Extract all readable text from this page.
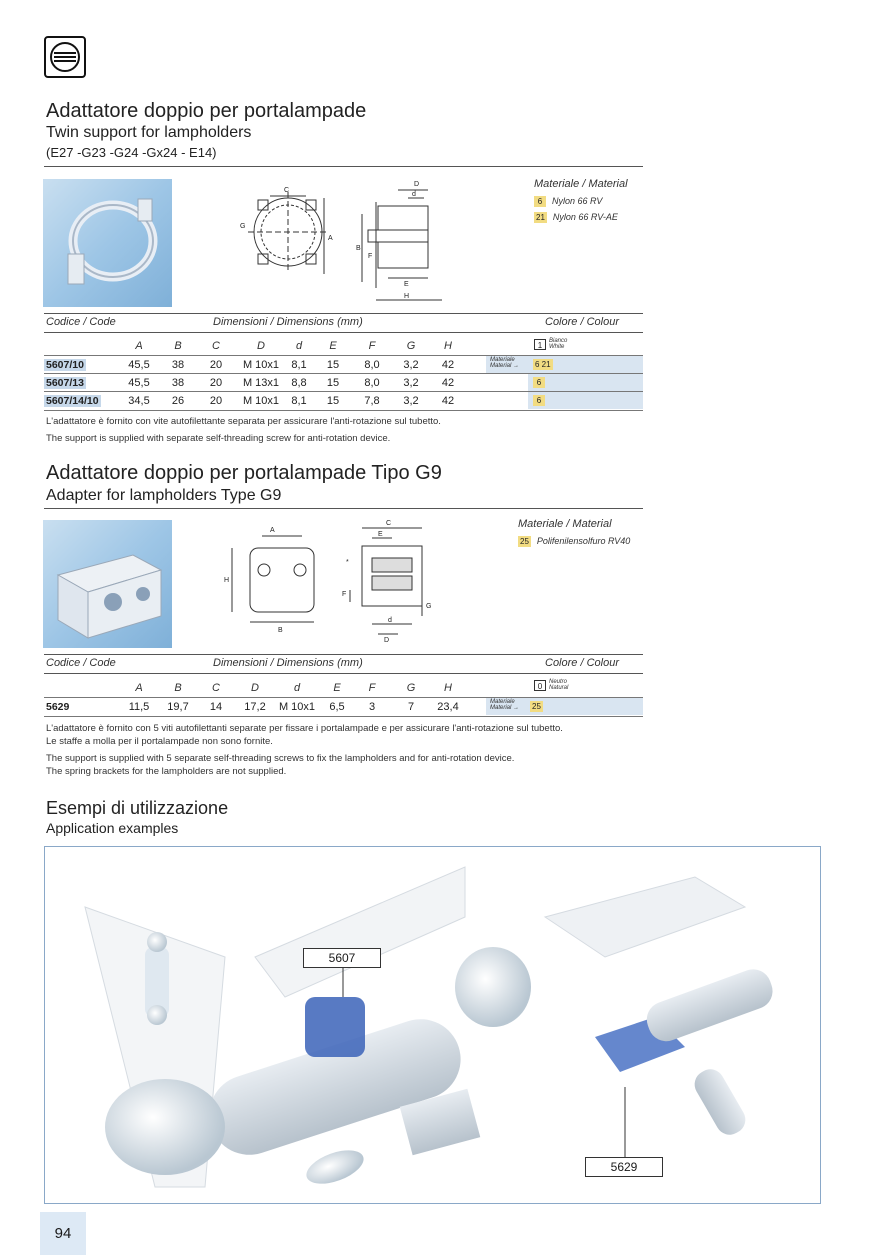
Adattatore doppio per portalampade
Twin support for lampholders
(E27 -G23 -G24 -Gx24 - E14)
C
G
A
D
d
B
F
E
H
Materiale / Material
6	Nylon 66 RV
21 Nylon 66 RV-AE
Codice / Code	Dimensioni / Dimensions (mm)	Colore / Colour
A	B	C	D	d	E	F	G	H	1	Bianco
White
5607/10	45,5	38	20	M 10x1	8,1	15	8,0	3,2	42	Materiale
Material → 6 21
5607/13	45,5	38	20	M 13x1	8,8	15	8,0	3,2	42	6
5607/14/10	34,5	26	20	M 10x1	8,1	15	7,8	3,2	42	6
L'adattatore è fornito con vite autofilettante separata per assicurare l'anti-rotazione sul tubetto.
The support is supplied with separate self-threading screw for anti-rotation device.
Adattatore doppio per portalampade Tipo G9
Adapter for lampholders Type G9
A
H
B
C
E
*
F
d
D
G
Materiale / Material
25 Polifenilensolfuro RV40
Codice / Code	Dimensioni / Dimensions (mm)	Colore / Colour
A	B	C	D	d	E	F	G	H	0	Neutro
Natural
5629	11,5	19,7	14	17,2	M 10x1	6,5	3	7	23,4	Materiale
Material → 25
L'adattatore è fornito con 5 viti autofilettanti separate per fissare i portalampade e per assicurare l'anti-rotazione sul tubetto.
Le staffe a molla per il portalampade non sono fornite.
The support is supplied with 5 separate self-threading screws to fix the lampholders and for anti-rotation device.
The spring brackets for the lampholders are not supplied.
Esempi di utilizzazione
Application examples
5607
5629
94
